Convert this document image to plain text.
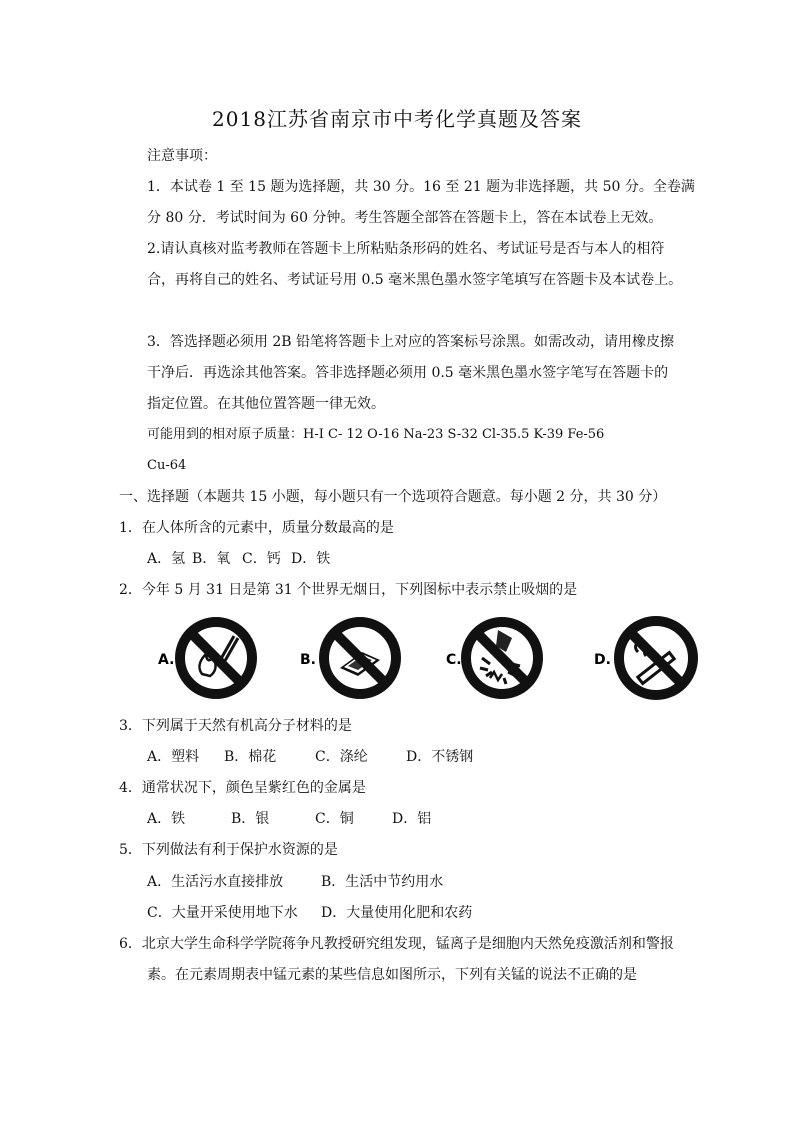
2018江苏省南京市中考化学真题及答案
注意事项：
1．本试卷 1 至 15 题为选择题，共 30 分。16 至 21 题为非选择题，共 50 分。全卷满
分 80 分．考试时间为 60 分钟。考生答题全部答在答题卡上，答在本试卷上无效。
2.请认真核对监考教师在答题卡上所粘贴条形码的姓名、考试证号是否与本人的相符
合，再将自己的姓名、考试证号用 0.5 毫米黑色墨水签字笔填写在答题卡及本试卷上。
3．答选择题必须用 2B 铅笔将答题卡上对应的答案标号涂黑。如需改动，请用橡皮擦
干净后．再选涂其他答案。答非选择题必须用 0.5 毫米黑色墨水签字笔写在答题卡的
指定位置。在其他位置答题一律无效。
可能用到的相对原子质量：H-I C- 12 O-16 Na-23 S-32 Cl-35.5 K-39 Fe-56
Cu-64
一、选择题（本题共 15 小题，每小题只有一个选项符合题意。每小题 2 分，共 30 分）
1．在人体所含的元素中，质量分数最高的是
A．氢 B．氧 C．钙 D．铁
2．今年 5 月 31 日是第 31 个世界无烟日，下列图标中表示禁止吸烟的是
A.	B.	C.	D.
3．下列属于天然有机高分子材料的是
A．塑料 B．棉花	C．涤纶	D．不锈钢
4．通常状况下，颜色呈紫红色的金属是
A．铁	B．银	C．铜	D．铝
5．下列做法有利于保护水资源的是
A．生活污水直接排放	B．生活中节约用水
C．大量开采使用地下水 D．大量使用化肥和农药
6．北京大学生命科学学院蒋争凡教授研究组发现，锰离子是细胞内天然免疫激活剂和警报
素。在元素周期表中锰元素的某些信息如图所示，下列有关锰的说法不正确的是
